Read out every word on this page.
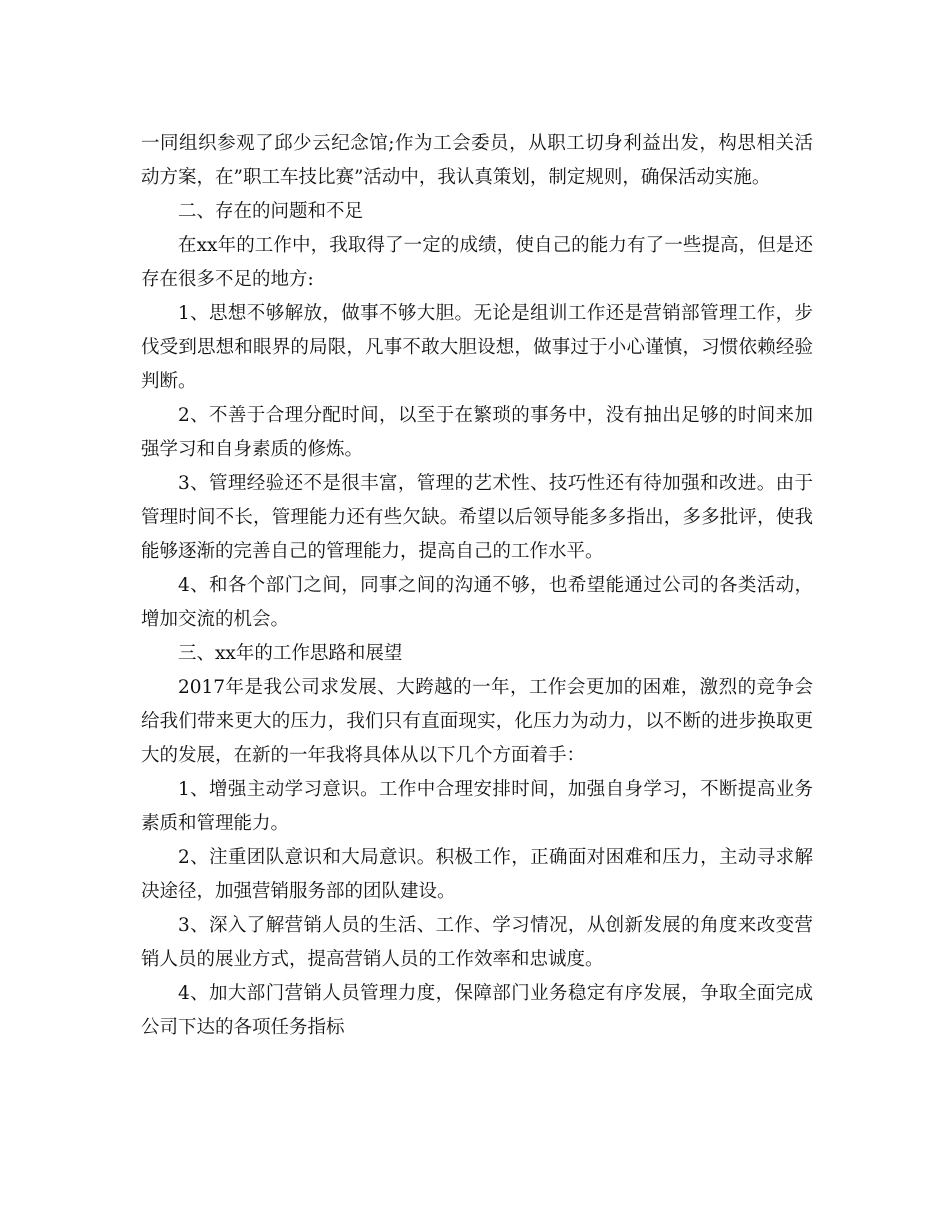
一同组织参观了邱少云纪念馆;作为工会委员，从职工切身利益出发，构思相关活动方案，在”职工车技比赛”活动中，我认真策划，制定规则，确保活动实施。

二、存在的问题和不足

在xx年的工作中，我取得了一定的成绩，使自己的能力有了一些提高，但是还存在很多不足的地方:

1、思想不够解放，做事不够大胆。无论是组训工作还是营销部管理工作，步伐受到思想和眼界的局限，凡事不敢大胆设想，做事过于小心谨慎，习惯依赖经验判断。

2、不善于合理分配时间，以至于在繁琐的事务中，没有抽出足够的时间来加强学习和自身素质的修炼。

3、管理经验还不是很丰富，管理的艺术性、技巧性还有待加强和改进。由于管理时间不长，管理能力还有些欠缺。希望以后领导能多多指出，多多批评，使我能够逐渐的完善自己的管理能力，提高自己的工作水平。

4、和各个部门之间，同事之间的沟通不够，也希望能通过公司的各类活动，增加交流的机会。

三、xx年的工作思路和展望

2017年是我公司求发展、大跨越的一年，工作会更加的困难，激烈的竞争会给我们带来更大的压力，我们只有直面现实，化压力为动力，以不断的进步换取更大的发展，在新的一年我将具体从以下几个方面着手：

1、增强主动学习意识。工作中合理安排时间，加强自身学习，不断提高业务素质和管理能力。

2、注重团队意识和大局意识。积极工作，正确面对困难和压力，主动寻求解决途径，加强营销服务部的团队建设。

3、深入了解营销人员的生活、工作、学习情况，从创新发展的角度来改变营销人员的展业方式，提高营销人员的工作效率和忠诚度。

4、加大部门营销人员管理力度，保障部门业务稳定有序发展，争取全面完成公司下达的各项任务指标
